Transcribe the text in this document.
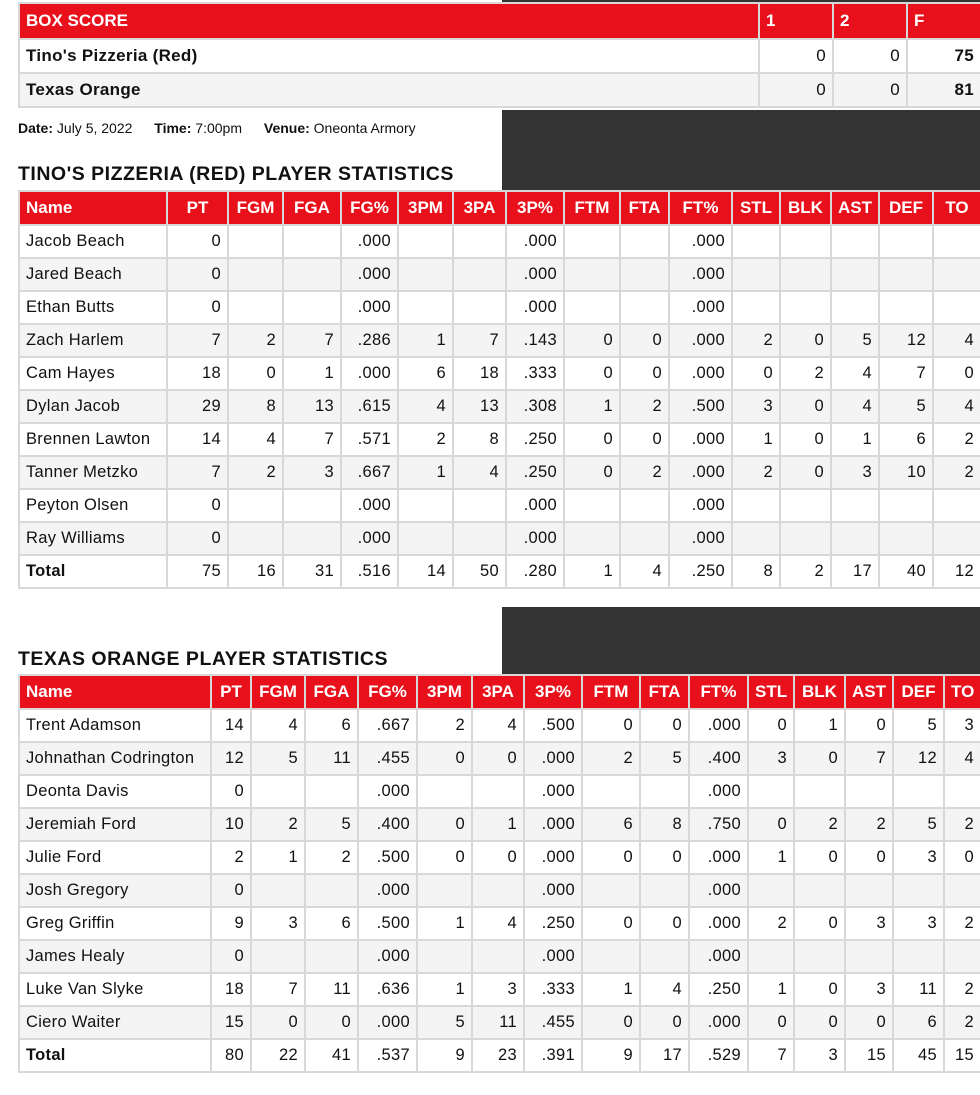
BOX SCORE	1	2	F
Tino's Pizzeria (Red)	0	0	75
Texas Orange	0	0	81
Date: July 5, 2022 Time: 7:00pm Venue: Oneonta Armory
TINO'S PIZZERIA (RED) PLAYER STATISTICS
Name	PT	FGM	FGA	FG%	3PM	3PA	3P%	FTM	FTA	FT%	STL	BLK	AST	DEF	TO
Jacob Beach	0			.000			.000			.000					
Jared Beach	0			.000			.000			.000					
Ethan Butts	0			.000			.000			.000					
Zach Harlem	7	2	7	.286	1	7	.143	0	0	.000	2	0	5	12	4
Cam Hayes	18	0	1	.000	6	18	.333	0	0	.000	0	2	4	7	0
Dylan Jacob	29	8	13	.615	4	13	.308	1	2	.500	3	0	4	5	4
Brennen Lawton	14	4	7	.571	2	8	.250	0	0	.000	1	0	1	6	2
Tanner Metzko	7	2	3	.667	1	4	.250	0	2	.000	2	0	3	10	2
Peyton Olsen	0			.000			.000			.000					
Ray Williams	0			.000			.000			.000					
Total	75	16	31	.516	14	50	.280	1	4	.250	8	2	17	40	12
TEXAS ORANGE PLAYER STATISTICS
Name	PT	FGM	FGA	FG%	3PM	3PA	3P%	FTM	FTA	FT%	STL	BLK	AST	DEF	TO
Trent Adamson	14	4	6	.667	2	4	.500	0	0	.000	0	1	0	5	3
Johnathan Codrington	12	5	11	.455	0	0	.000	2	5	.400	3	0	7	12	4
Deonta Davis	0			.000			.000			.000					
Jeremiah Ford	10	2	5	.400	0	1	.000	6	8	.750	0	2	2	5	2
Julie Ford	2	1	2	.500	0	0	.000	0	0	.000	1	0	0	3	0
Josh Gregory	0			.000			.000			.000					
Greg Griffin	9	3	6	.500	1	4	.250	0	0	.000	2	0	3	3	2
James Healy	0			.000			.000			.000					
Luke Van Slyke	18	7	11	.636	1	3	.333	1	4	.250	1	0	3	11	2
Ciero Waiter	15	0	0	.000	5	11	.455	0	0	.000	0	0	0	6	2
Total	80	22	41	.537	9	23	.391	9	17	.529	7	3	15	45	15
